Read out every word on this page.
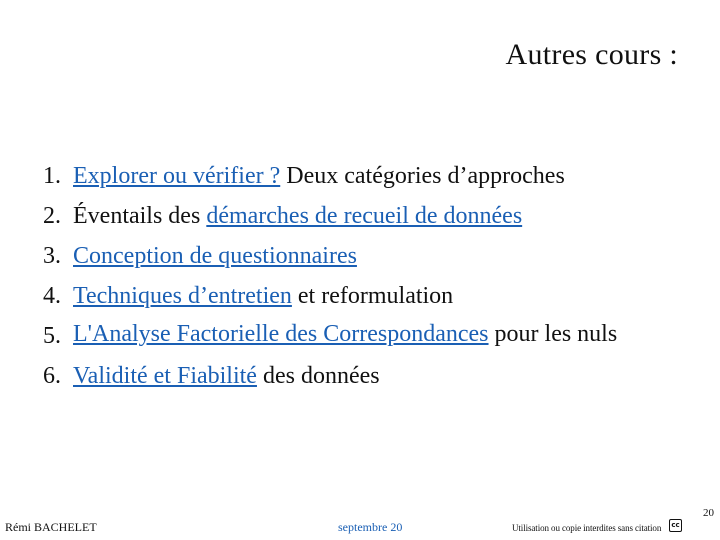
Autres cours :
1. Explorer ou vérifier ? Deux catégories d’approches
2. Éventails des démarches de recueil de données
3. Conception de questionnaires
4. Techniques d’entretien et reformulation
5. L'Analyse Factorielle des Correspondances pour les nuls
6. Validité et Fiabilité des données
20
Rémi BACHELET	septembre 20	Utilisation ou copie interdites sans citation	cc
